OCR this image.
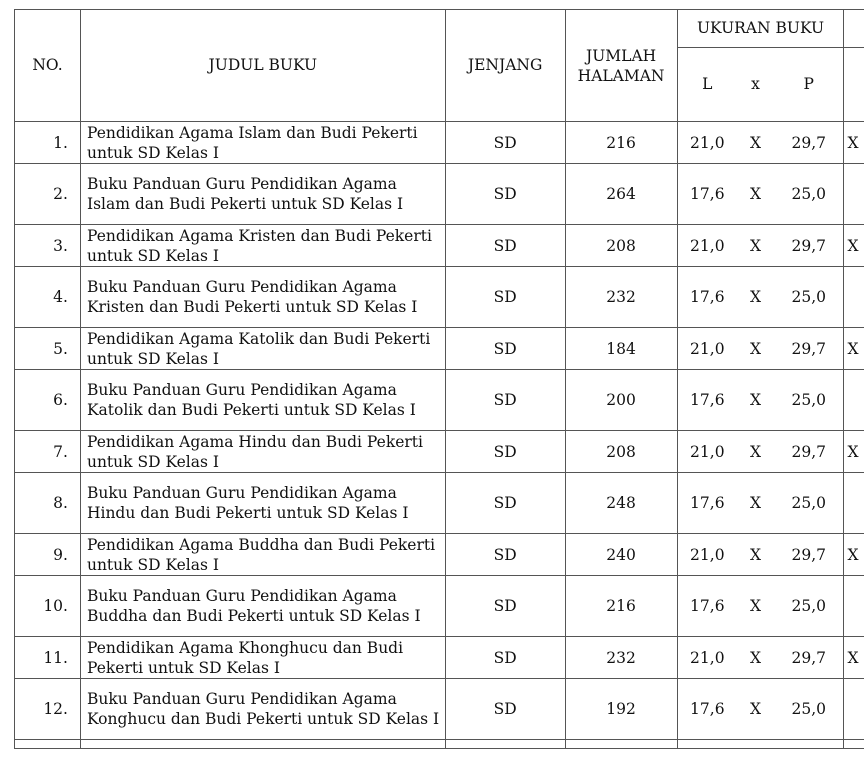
NO.	JUDUL BUKU	JENJANG	JUMLAH HALAMAN	UKURAN BUKU			
				L	x	P	
1.	Pendidikan Agama Islam dan Budi Pekerti untuk SD Kelas I	SD	216	21,0	X	29,7	X
2.	Buku Panduan Guru Pendidikan Agama Islam dan Budi Pekerti untuk SD Kelas I	SD	264	17,6	X	25,0	
3.	Pendidikan Agama Kristen dan Budi Pekerti untuk SD Kelas I	SD	208	21,0	X	29,7	X
4.	Buku Panduan Guru Pendidikan Agama Kristen dan Budi Pekerti untuk SD Kelas I	SD	232	17,6	X	25,0	
5.	Pendidikan Agama Katolik dan Budi Pekerti untuk SD Kelas I	SD	184	21,0	X	29,7	X
6.	Buku Panduan Guru Pendidikan Agama Katolik dan Budi Pekerti untuk SD Kelas I	SD	200	17,6	X	25,0	
7.	Pendidikan Agama Hindu dan Budi Pekerti untuk SD Kelas I	SD	208	21,0	X	29,7	X
8.	Buku Panduan Guru Pendidikan Agama Hindu dan Budi Pekerti untuk SD Kelas I	SD	248	17,6	X	25,0	
9.	Pendidikan Agama Buddha dan Budi Pekerti untuk SD Kelas I	SD	240	21,0	X	29,7	X
10.	Buku Panduan Guru Pendidikan Agama Buddha dan Budi Pekerti untuk SD Kelas I	SD	216	17,6	X	25,0	
11.	Pendidikan Agama Khonghucu dan Budi Pekerti untuk SD Kelas I	SD	232	21,0	X	29,7	X
12.	Buku Panduan Guru Pendidikan Agama Konghucu dan Budi Pekerti untuk SD Kelas I	SD	192	17,6	X	25,0	
